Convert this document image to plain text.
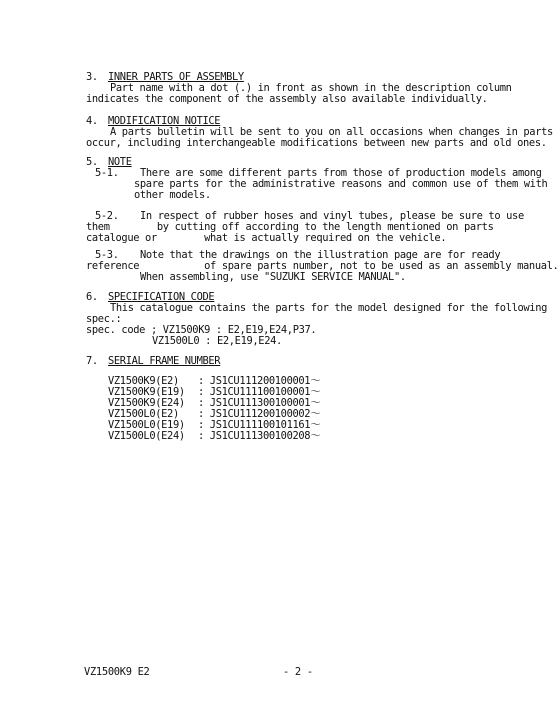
3. INNER PARTS OF ASSEMBLY
Part name with a dot (.) in front as shown in the description column
indicates the component of the assembly also available individually.
4. MODIFICATION NOTICE
A parts bulletin will be sent to you on all occasions when changes in parts
occur, including interchangeable modifications between new parts and old ones.
5. NOTE
5-1. There are some different parts from those of production models among
spare parts for the administrative reasons and common use of them with
other models.
5-2. In respect of rubber hoses and vinyl tubes, please be sure to use
them        by cutting off according to the length mentioned on parts
catalogue or        what is actually required on the vehicle.
5-3. Note that the drawings on the illustration page are for ready
reference           of spare parts number, not to be used as an assembly manual.
When assembling, use "SUZUKI SERVICE MANUAL".
6. SPECIFICATION CODE
This catalogue contains the parts for the model designed for the following
spec.:
spec. code ; VZ1500K9 : E2,E19,E24,P37.
VZ1500L0 : E2,E19,E24.
7. SERIAL FRAME NUMBER
VZ1500K9(E2) : JS1CU111200100001～
VZ1500K9(E19) : JS1CU111100100001～
VZ1500K9(E24) : JS1CU111300100001～
VZ1500L0(E2) : JS1CU111200100002～
VZ1500L0(E19) : JS1CU111100101161～
VZ1500L0(E24) : JS1CU111300100208～
VZ1500K9 E2	- 2 -
